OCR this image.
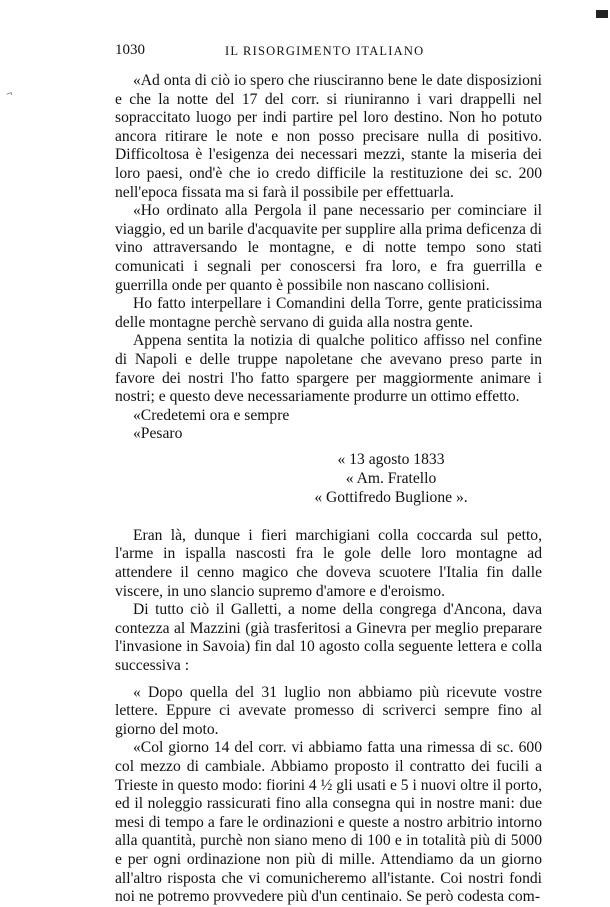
¬
1030	IL RISORGIMENTO ITALIANO

«Ad onta di ciò io spero che riusciranno bene le date disposizioni e che la notte del 17 del corr. si riuniranno i vari drappelli nel sopraccitato luogo per indi partire pel loro destino. Non ho potuto ancora ritirare le note e non posso precisare nulla di positivo. Difficoltosa è l'esigenza dei necessari mezzi, stante la miseria dei loro paesi, ond'è che io credo difficile la restituzione dei sc. 200 nell'epoca fissata ma si farà il possibile per effettuarla.

«Ho ordinato alla Pergola il pane necessario per cominciare il viaggio, ed un barile d'acquavite per supplire alla prima deficenza di vino attraversando le montagne, e di notte tempo sono stati comunicati i segnali per conoscersi fra loro, e fra guerrilla e guerrilla onde per quanto è possibile non nascano collisioni.

Ho fatto interpellare i Comandini della Torre, gente praticissima delle montagne perchè servano di guida alla nostra gente.

Appena sentita la notizia di qualche politico affisso nel confine di Napoli e delle truppe napoletane che avevano preso parte in favore dei nostri l'ho fatto spargere per maggiormente animare i nostri; e questo deve necessariamente produrre un ottimo effetto.

«Credetemi ora e sempre

«Pesaro

« 13 agosto 1833
« Am. Fratello
« Gottifredo Buglione ».

Eran là, dunque i fieri marchigiani colla coccarda sul petto, l'arme in ispalla nascosti fra le gole delle loro montagne ad attendere il cenno magico che doveva scuotere l'Italia fin dalle viscere, in uno slancio supremo d'amore e d'eroismo.

Di tutto ciò il Galletti, a nome della congrega d'Ancona, dava contezza al Mazzini (già trasferitosi a Ginevra per meglio preparare l'invasione in Savoia) fin dal 10 agosto colla seguente lettera e colla successiva :

« Dopo quella del 31 luglio non abbiamo più ricevute vostre lettere. Eppure ci avevate promesso di scriverci sempre fino al giorno del moto.

«Col giorno 14 del corr. vi abbiamo fatta una rimessa di sc. 600 col mezzo di cambiale. Abbiamo proposto il contratto dei fucili a Trieste in questo modo: fiorini 4 ½ gli usati e 5 i nuovi oltre il porto, ed il noleggio rassicurati fino alla consegna qui in nostre mani: due mesi di tempo a fare le ordinazioni e queste a nostro arbitrio intorno alla quantità, purchè non siano meno di 100 e in totalità più di 5000 e per ogni ordinazione non più di mille. Attendiamo da un giorno all'altro risposta che vi comunicheremo all'istante. Coi nostri fondi noi ne potremo provvedere più d'un centinaio. Se però codesta com-
